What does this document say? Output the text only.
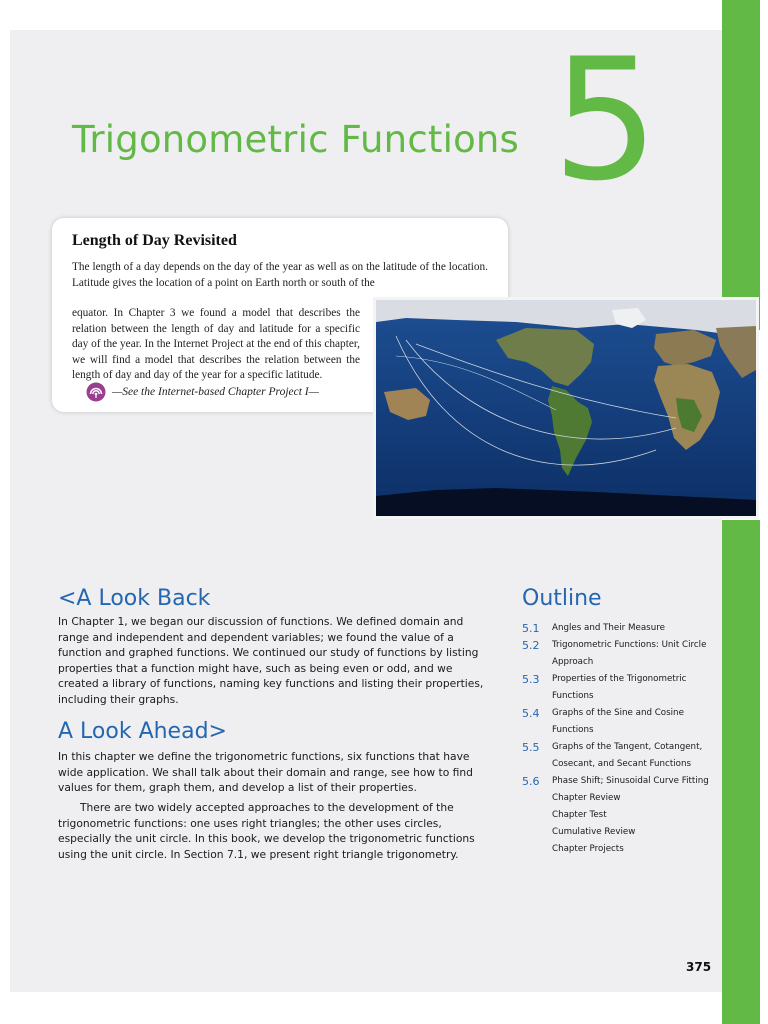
Trigonometric Functions 5
Length of Day Revisited

The length of a day depends on the day of the year as well as on the latitude of the location. Latitude gives the location of a point on Earth north or south of the

equator. In Chapter 3 we found a model that describes the relation between the length of day and latitude for a specific day of the year. In the Internet Project at the end of this chapter, we will find a model that describes the relation between the length of day and day of the year for a specific latitude.

—See the Internet-based Chapter Project I—
<A Look Back
In Chapter 1, we began our discussion of functions. We defined domain and range and independent and dependent variables; we found the value of a function and graphed functions. We continued our study of functions by listing properties that a function might have, such as being even or odd, and we created a library of functions, naming key functions and listing their properties, including their graphs.
A Look Ahead>
In this chapter we define the trigonometric functions, six functions that have wide application. We shall talk about their domain and range, see how to find values for them, graph them, and develop a list of their properties.
There are two widely accepted approaches to the development of the trigonometric functions: one uses right triangles; the other uses circles, especially the unit circle. In this book, we develop the trigonometric functions using the unit circle. In Section 7.1, we present right triangle trigonometry.
Outline
5.1	Angles and Their Measure
5.2	Trigonometric Functions: Unit Circle
Approach
5.3	Properties of the Trigonometric
Functions
5.4	Graphs of the Sine and Cosine
Functions
5.5	Graphs of the Tangent, Cotangent,
Cosecant, and Secant Functions
5.6	Phase Shift; Sinusoidal Curve Fitting
Chapter Review
Chapter Test
Cumulative Review
Chapter Projects
375
